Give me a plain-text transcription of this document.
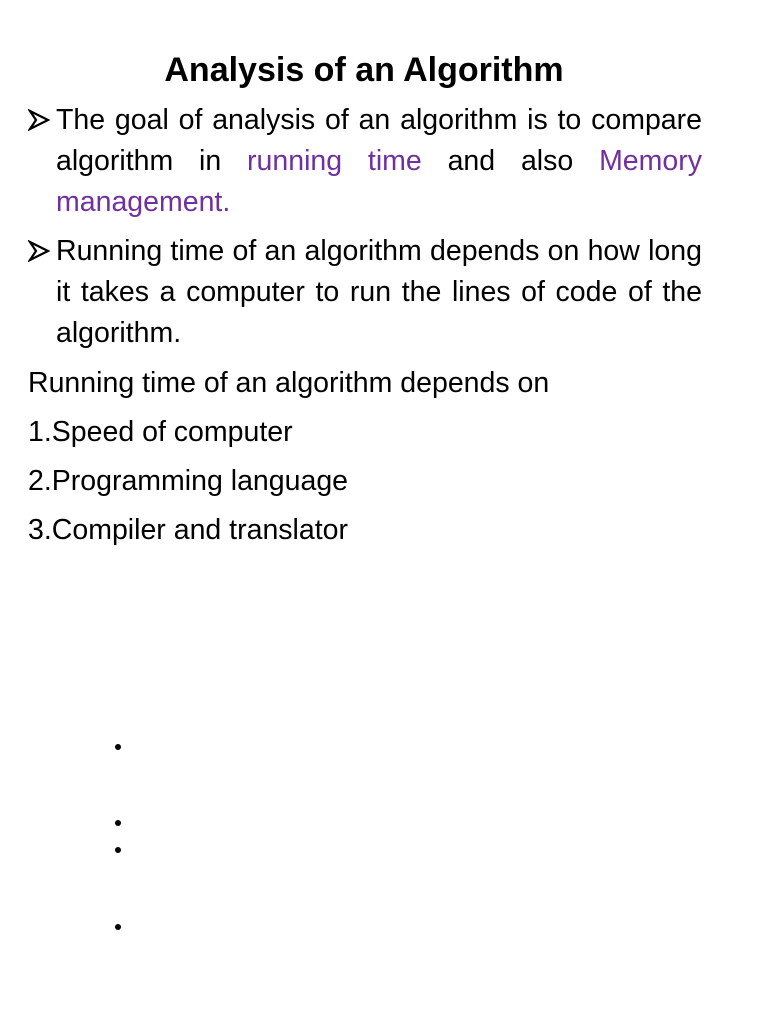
Analysis of an Algorithm
The goal of analysis of an algorithm is to compare algorithm in running time and also Memory management.
Running time of an algorithm depends on how long it takes a computer to run the lines of code of the algorithm.
Running time of an algorithm depends on
1.Speed of computer
2.Programming language
3.Compiler and translator
